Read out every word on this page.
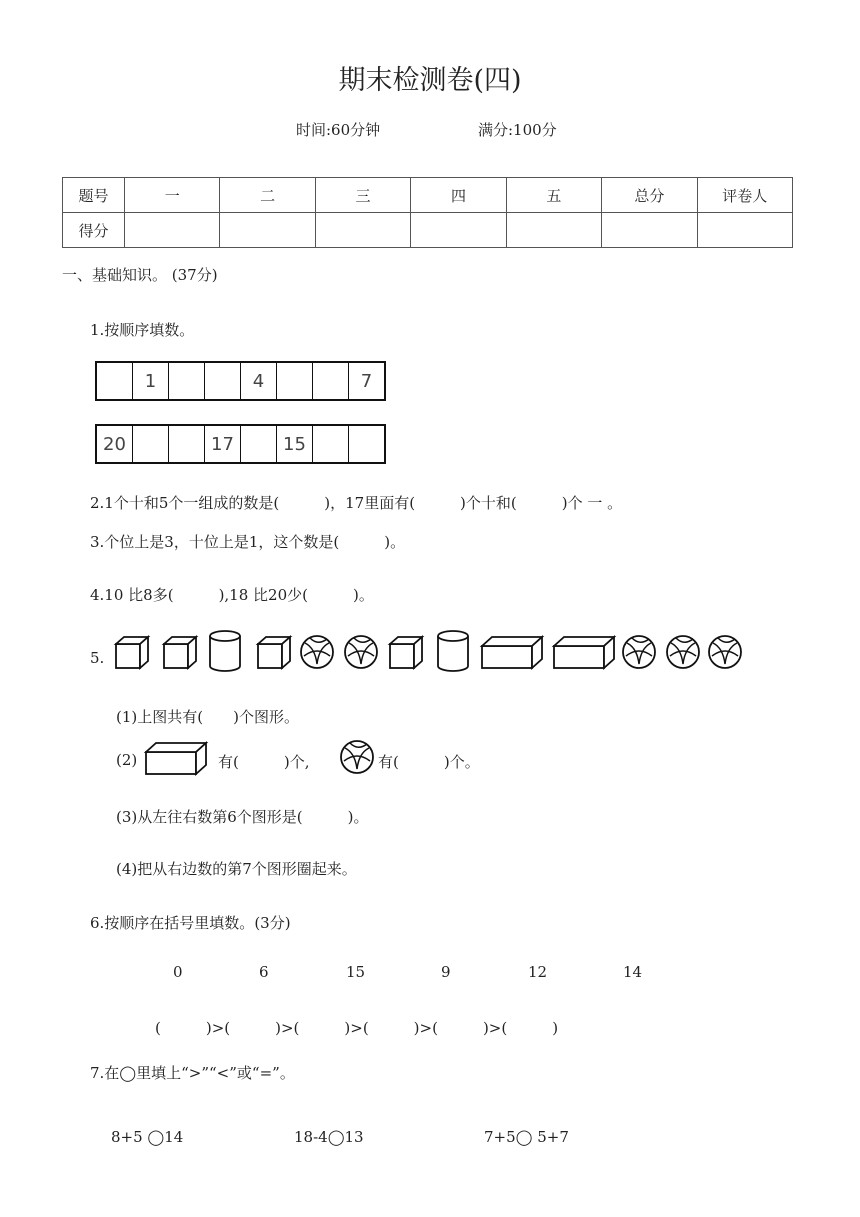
期末检测卷(四)
时间:60分钟	满分:100分
题号	一	二	三	四	五	总分	评卷人
得分							
一、基础知识。 (37分)
1.按顺序填数。
1	4	7
20	17	15
2.1个十和5个一组成的数是(　　　)，17里面有(　　　)个十和(　　　)个 一 。
3.个位上是3，十位上是1，这个数是(　　　)。
4.10 比8多(　　　),18 比20少(　　　)。
5.
(1)上图共有(　　)个图形。
(2)	有(　　　)个,	有(　　　)个。
(3)从左往右数第6个图形是(　　　)。
(4)把从右边数的第7个图形圈起来。
6.按顺序在括号里填数。(3分)
0	6	15	9	12	14
(　　　)>(　　　)>(　　　)>(　　　)>(　　　)>(　　　)
7.在◯里填上“>”“<”或“=”。
8+5 ◯14	18-4◯13	7+5◯ 5+7
